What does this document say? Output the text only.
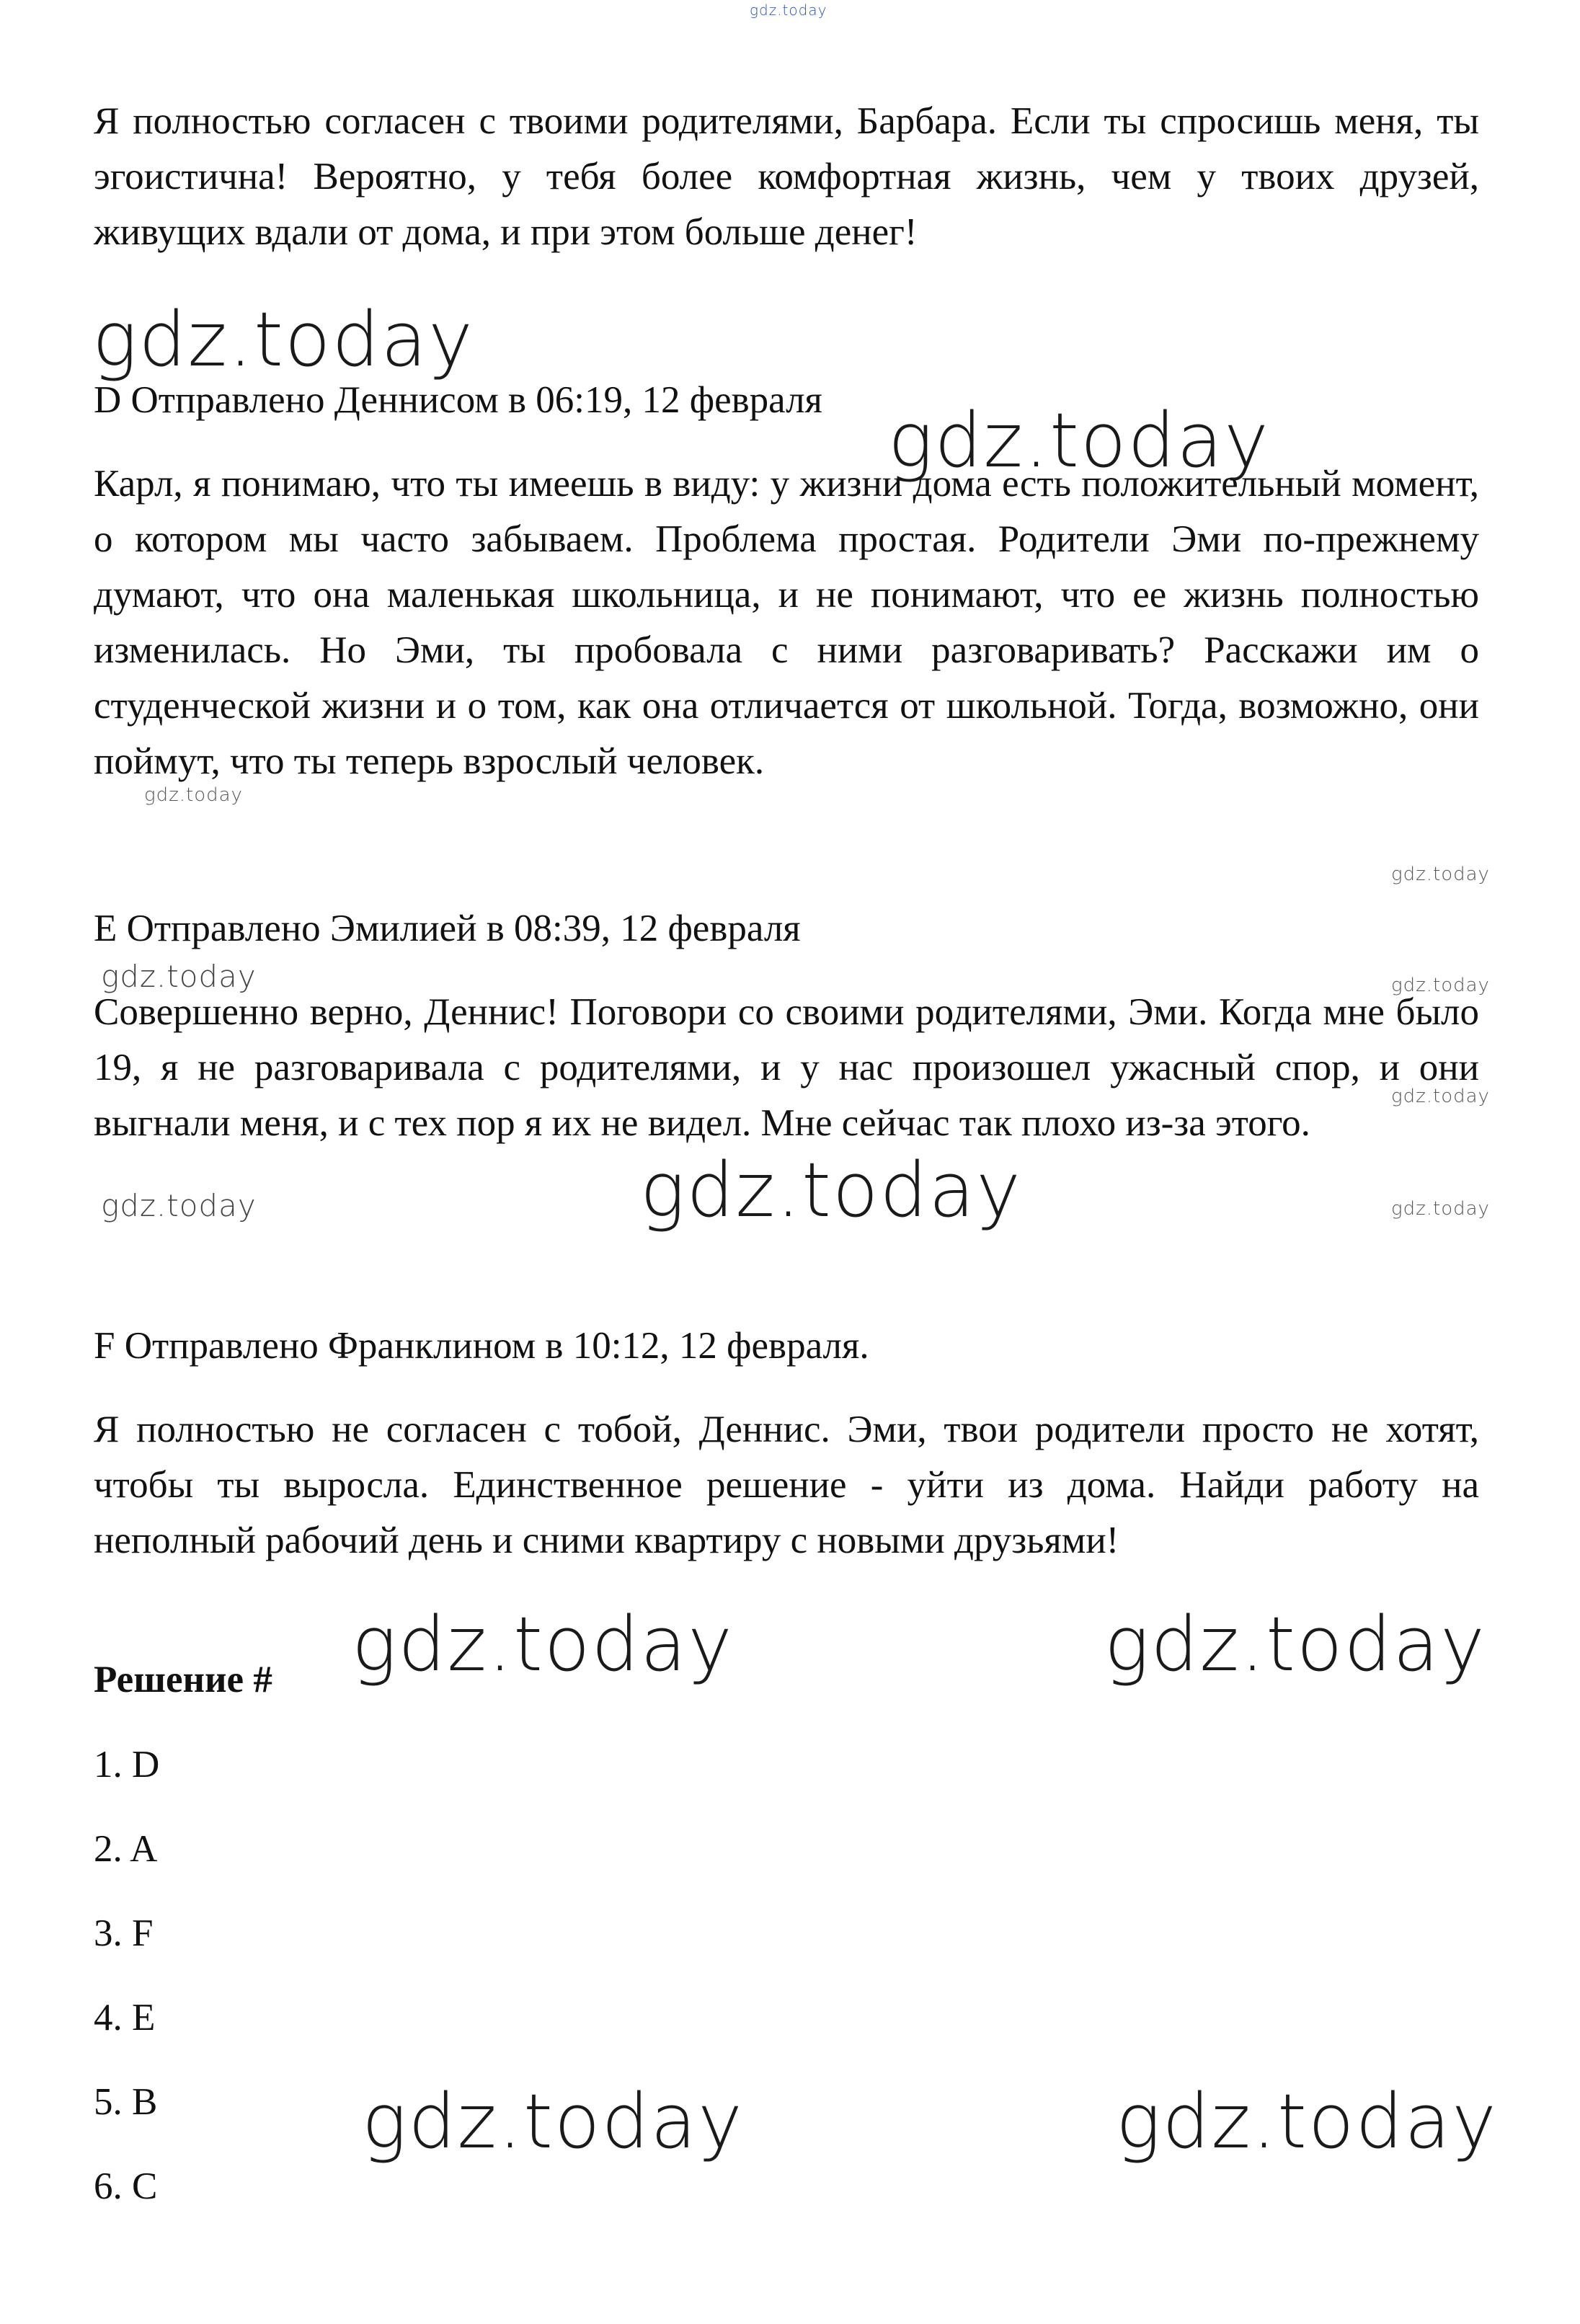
gdz.today
gdz.today
gdz.today
gdz.today
gdz.today
gdz.today	gdz.today
gdz.today
gdz.today
gdz.today	gdz.today
gdz.today	gdz.today
gdz.today	gdz.today

Я полностью согласен с твоими родителями, Барбара. Если ты спросишь меня, ты эгоистична! Вероятно, у тебя более комфортная жизнь, чем у твоих друзей, живущих вдали от дома, и при этом больше денег!

D Отправлено Деннисом в 06:19, 12 февраля

Карл, я понимаю, что ты имеешь в виду: у жизни дома есть положительный момент, о котором мы часто забываем. Проблема простая. Родители Эми по-прежнему думают, что она маленькая школьница, и не понимают, что ее жизнь полностью изменилась. Но Эми, ты пробовала с ними разговаривать? Расскажи им о студенческой жизни и о том, как она отличается от школьной. Тогда, возможно, они поймут, что ты теперь взрослый человек.

E Отправлено Эмилией в 08:39, 12 февраля

Совершенно верно, Деннис! Поговори со своими родителями, Эми. Когда мне было 19, я не разговаривала с родителями, и у нас произошел ужасный спор, и они выгнали меня, и с тех пор я их не видел. Мне сейчас так плохо из-за этого.

F Отправлено Франклином в 10:12, 12 февраля.

Я полностью не согласен с тобой, Деннис. Эми, твои родители просто не хотят, чтобы ты выросла. Единственное решение - уйти из дома. Найди работу на неполный рабочий день и сними квартиру с новыми друзьями!

Решение #

1. D

2. A

3. F

4. E

5. B

6. C
